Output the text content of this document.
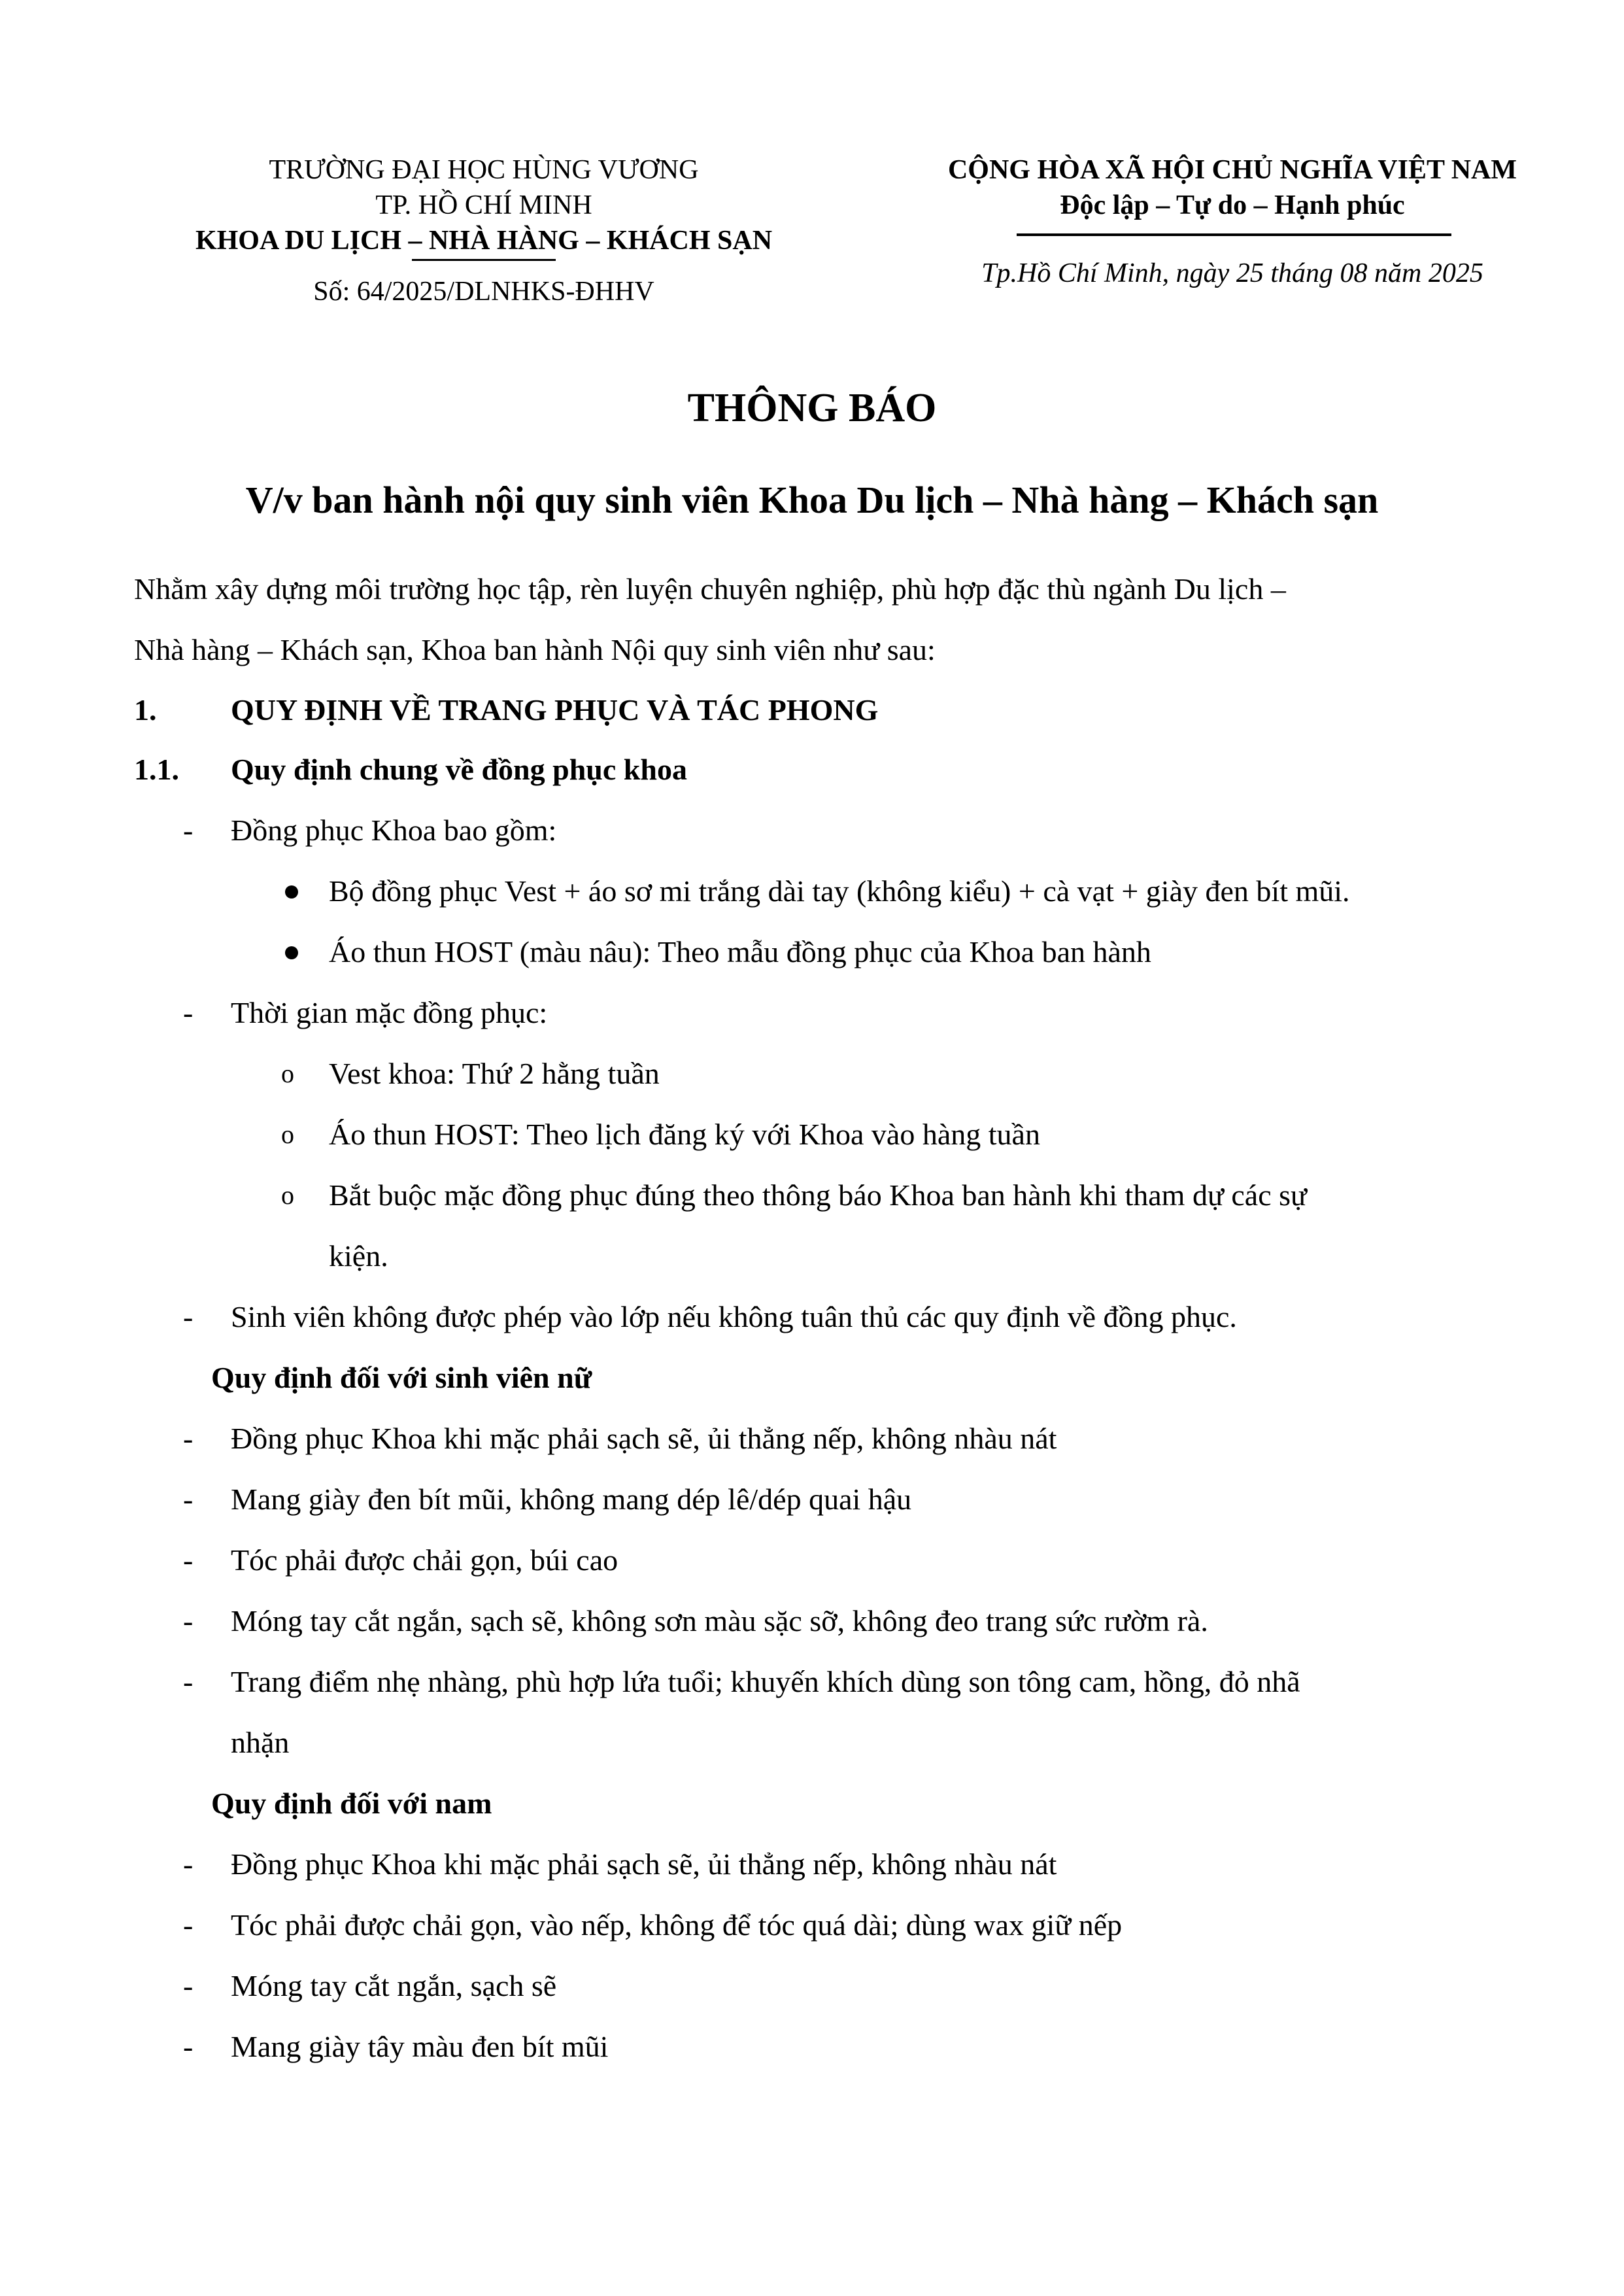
TRƯỜNG ĐẠI HỌC HÙNG VƯƠNG
TP. HỒ CHÍ MINH
KHOA DU LỊCH – NHÀ HÀNG – KHÁCH SẠN
Số: 64/2025/DLNHKS-ĐHHV
CỘNG HÒA XÃ HỘI CHỦ NGHĨA VIỆT NAM
Độc lập – Tự do – Hạnh phúc
Tp.Hồ Chí Minh, ngày 25 tháng 08 năm 2025
THÔNG BÁO
V/v ban hành nội quy sinh viên Khoa Du lịch – Nhà hàng – Khách sạn
Nhằm xây dựng môi trường học tập, rèn luyện chuyên nghiệp, phù hợp đặc thù ngành Du lịch –
Nhà hàng – Khách sạn, Khoa ban hành Nội quy sinh viên như sau:
1. QUY ĐỊNH VỀ TRANG PHỤC VÀ TÁC PHONG
1.1. Quy định chung về đồng phục khoa
- Đồng phục Khoa bao gồm:
Bộ đồng phục Vest + áo sơ mi trắng dài tay (không kiểu) + cà vạt + giày đen bít mũi.
Áo thun HOST (màu nâu): Theo mẫu đồng phục của Khoa ban hành
- Thời gian mặc đồng phục:
o Vest khoa: Thứ 2 hằng tuần
o Áo thun HOST: Theo lịch đăng ký với Khoa vào hàng tuần
o Bắt buộc mặc đồng phục đúng theo thông báo Khoa ban hành khi tham dự các sự
kiện.
- Sinh viên không được phép vào lớp nếu không tuân thủ các quy định về đồng phục.
Quy định đối với sinh viên nữ
- Đồng phục Khoa khi mặc phải sạch sẽ, ủi thẳng nếp, không nhàu nát
- Mang giày đen bít mũi, không mang dép lê/dép quai hậu
- Tóc phải được chải gọn, búi cao
- Móng tay cắt ngắn, sạch sẽ, không sơn màu sặc sỡ, không đeo trang sức rườm rà.
- Trang điểm nhẹ nhàng, phù hợp lứa tuổi; khuyến khích dùng son tông cam, hồng, đỏ nhã
nhặn
Quy định đối với nam
- Đồng phục Khoa khi mặc phải sạch sẽ, ủi thẳng nếp, không nhàu nát
- Tóc phải được chải gọn, vào nếp, không để tóc quá dài; dùng wax giữ nếp
- Móng tay cắt ngắn, sạch sẽ
- Mang giày tây màu đen bít mũi
